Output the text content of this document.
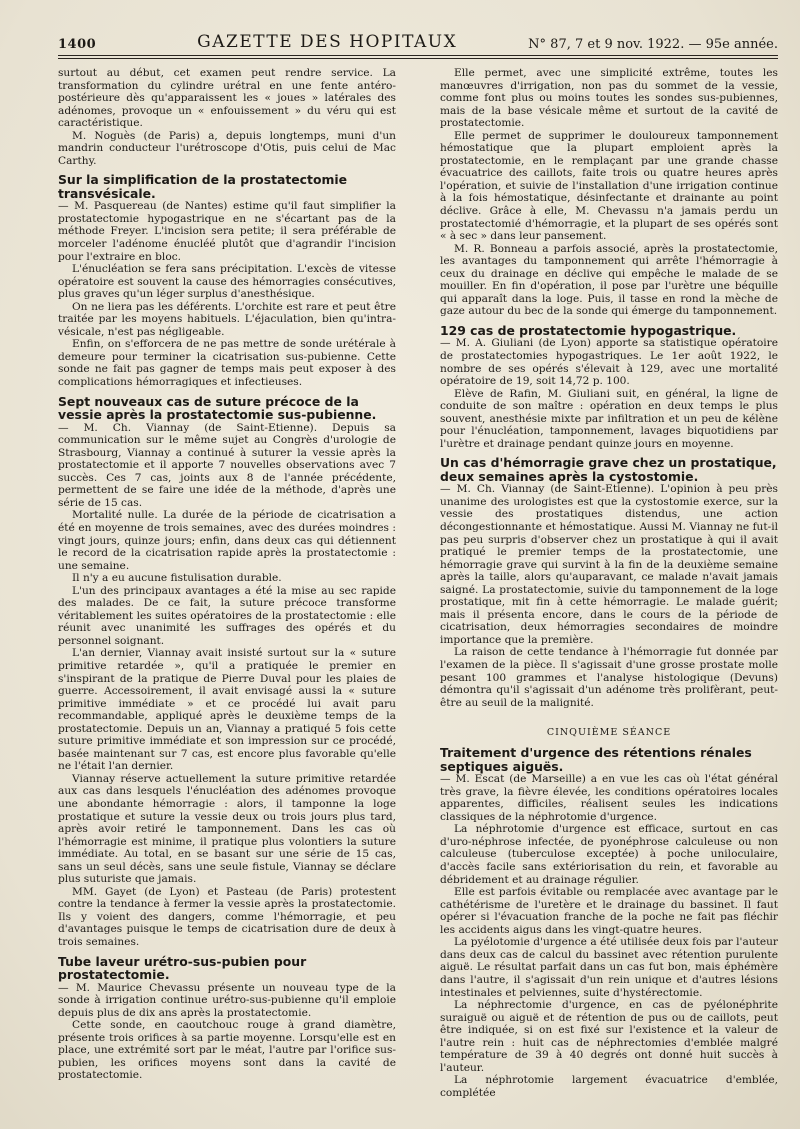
1400	GAZETTE DES HOPITAUX	N° 87, 7 et 9 nov. 1922. — 95e année.

surtout au début, cet examen peut rendre service. La transformation du cylindre urétral en une fente antéro-postérieure dès qu'apparaissent les « joues » latérales des adénomes, provoque un « enfouissement » du véru qui est caractéristique.

M. Noguès (de Paris) a, depuis longtemps, muni d'un mandrin conducteur l'urétroscope d'Otis, puis celui de Mac Carthy.

Sur la simplification de la prostatectomie transvésicale.

— M. Pasquereau (de Nantes) estime qu'il faut simplifier la prostatectomie hypogastrique en ne s'écartant pas de la méthode Freyer. L'incision sera petite; il sera préférable de morceler l'adénome énucléé plutôt que d'agrandir l'incision pour l'extraire en bloc.

L'énucléation se fera sans précipitation. L'excès de vitesse opératoire est souvent la cause des hémorragies consécutives, plus graves qu'un léger surplus d'anesthésique.

On ne liera pas les déférents. L'orchite est rare et peut être traitée par les moyens habituels. L'éjaculation, bien qu'intra-vésicale, n'est pas négligeable.

Enfin, on s'efforcera de ne pas mettre de sonde urétérale à demeure pour terminer la cicatrisation sus-pubienne. Cette sonde ne fait pas gagner de temps mais peut exposer à des complications hémorragiques et infectieuses.

Sept nouveaux cas de suture précoce de la vessie après la prostatectomie sus-pubienne.

— M. Ch. Viannay (de Saint-Etienne). Depuis sa communication sur le même sujet au Congrès d'urologie de Strasbourg, Viannay a continué à suturer la vessie après la prostatectomie et il apporte 7 nouvelles observations avec 7 succès. Ces 7 cas, joints aux 8 de l'année précédente, permettent de se faire une idée de la méthode, d'après une série de 15 cas.

Mortalité nulle. La durée de la période de cicatrisation a été en moyenne de trois semaines, avec des durées moindres : vingt jours, quinze jours; enfin, dans deux cas qui détiennent le record de la cicatrisation rapide après la prostatectomie : une semaine.

Il n'y a eu aucune fistulisation durable.

L'un des principaux avantages a été la mise au sec rapide des malades. De ce fait, la suture précoce transforme véritablement les suites opératoires de la prostatectomie : elle réunit avec unanimité les suffrages des opérés et du personnel soignant.

L'an dernier, Viannay avait insisté surtout sur la « suture primitive retardée », qu'il a pratiquée le premier en s'inspirant de la pratique de Pierre Duval pour les plaies de guerre. Accessoirement, il avait envisagé aussi la « suture primitive immédiate » et ce procédé lui avait paru recommandable, appliqué après le deuxième temps de la prostatectomie. Depuis un an, Viannay a pratiqué 5 fois cette suture primitive immédiate et son impression sur ce procédé, basée maintenant sur 7 cas, est encore plus favorable qu'elle ne l'était l'an dernier.

Viannay réserve actuellement la suture primitive retardée aux cas dans lesquels l'énucléation des adénomes provoque une abondante hémorragie : alors, il tamponne la loge prostatique et suture la vessie deux ou trois jours plus tard, après avoir retiré le tamponnement. Dans les cas où l'hémorragie est minime, il pratique plus volontiers la suture immédiate. Au total, en se basant sur une série de 15 cas, sans un seul décès, sans une seule fistule, Viannay se déclare plus suturiste que jamais.

MM. Gayet (de Lyon) et Pasteau (de Paris) protestent contre la tendance à fermer la vessie après la prostatectomie. Ils y voient des dangers, comme l'hémorragie, et peu d'avantages puisque le temps de cicatrisation dure de deux à trois semaines.

Tube laveur urétro-sus-pubien pour prostatectomie.

— M. Maurice Chevassu présente un nouveau type de la sonde à irrigation continue urétro-sus-pubienne qu'il emploie depuis plus de dix ans après la prostatectomie.

Cette sonde, en caoutchouc rouge à grand diamètre, présente trois orifices à sa partie moyenne. Lorsqu'elle est en place, une extrémité sort par le méat, l'autre par l'orifice sus-pubien, les orifices moyens sont dans la cavité de prostatectomie.

Elle permet, avec une simplicité extrême, toutes les manœuvres d'irrigation, non pas du sommet de la vessie, comme font plus ou moins toutes les sondes sus-pubiennes, mais de la base vésicale même et surtout de la cavité de prostatectomie.

Elle permet de supprimer le douloureux tamponnement hémostatique que la plupart emploient après la prostatectomie, en le remplaçant par une grande chasse évacuatrice des caillots, faite trois ou quatre heures après l'opération, et suivie de l'installation d'une irrigation continue à la fois hémostatique, désinfectante et drainante au point déclive. Grâce à elle, M. Chevassu n'a jamais perdu un prostatectomié d'hémorragie, et la plupart de ses opérés sont « à sec » dans leur pansement.

M. R. Bonneau a parfois associé, après la prostatectomie, les avantages du tamponnement qui arrête l'hémorragie à ceux du drainage en déclive qui empêche le malade de se mouiller. En fin d'opération, il pose par l'urètre une béquille qui apparaît dans la loge. Puis, il tasse en rond la mèche de gaze autour du bec de la sonde qui émerge du tamponnement.

129 cas de prostatectomie hypogastrique.

— M. A. Giuliani (de Lyon) apporte sa statistique opératoire de prostatectomies hypogastriques. Le 1er août 1922, le nombre de ses opérés s'élevait à 129, avec une mortalité opératoire de 19, soit 14,72 p. 100.

Elève de Rafin, M. Giuliani suit, en général, la ligne de conduite de son maître : opération en deux temps le plus souvent, anesthésie mixte par infiltration et un peu de kélène pour l'énucléation, tamponnement, lavages biquotidiens par l'urètre et drainage pendant quinze jours en moyenne.

Un cas d'hémorragie grave chez un prostatique, deux semaines après la cystostomie.

— M. Ch. Viannay (de Saint-Etienne). L'opinion à peu près unanime des urologistes est que la cystostomie exerce, sur la vessie des prostatiques distendus, une action décongestionnante et hémostatique. Aussi M. Viannay ne fut-il pas peu surpris d'observer chez un prostatique à qui il avait pratiqué le premier temps de la prostatectomie, une hémorragie grave qui survint à la fin de la deuxième semaine après la taille, alors qu'auparavant, ce malade n'avait jamais saigné. La prostatectomie, suivie du tamponnement de la loge prostatique, mit fin à cette hémorragie. Le malade guérit; mais il présenta encore, dans le cours de la période de cicatrisation, deux hémorragies secondaires de moindre importance que la première.

La raison de cette tendance à l'hémorragie fut donnée par l'examen de la pièce. Il s'agissait d'une grosse prostate molle pesant 100 grammes et l'analyse histologique (Devuns) démontra qu'il s'agissait d'un adénome très prolifèrant, peut-être au seuil de la malignité.

CINQUIÈME SÉANCE
Traitement d'urgence des rétentions rénales septiques aiguës.

— M. Escat (de Marseille) a en vue les cas où l'état général très grave, la fièvre élevée, les conditions opératoires locales apparentes, difficiles, réalisent seules les indications classiques de la néphrotomie d'urgence.

La néphrotomie d'urgence est efficace, surtout en cas d'uro-néphrose infectée, de pyonéphrose calculeuse ou non calculeuse (tuberculose exceptée) à poche uniloculaire, d'accès facile sans extériorisation du rein, et favorable au débridement et au drainage régulier.

Elle est parfois évitable ou remplacée avec avantage par le cathétérisme de l'uretère et le drainage du bassinet. Il faut opérer si l'évacuation franche de la poche ne fait pas fléchir les accidents aigus dans les vingt-quatre heures.

La pyélotomie d'urgence a été utilisée deux fois par l'auteur dans deux cas de calcul du bassinet avec rétention purulente aiguë. Le résultat parfait dans un cas fut bon, mais éphémère dans l'autre, il s'agissait d'un rein unique et d'autres lésions intestinales et pelviennes, suite d'hystérectomie.

La néphrectomie d'urgence, en cas de pyélonéphrite suraiguë ou aiguë et de rétention de pus ou de caillots, peut être indiquée, si on est fixé sur l'existence et la valeur de l'autre rein : huit cas de néphrectomies d'emblée malgré température de 39 à 40 degrés ont donné huit succès à l'auteur.

La néphrotomie largement évacuatrice d'emblée, complétée
